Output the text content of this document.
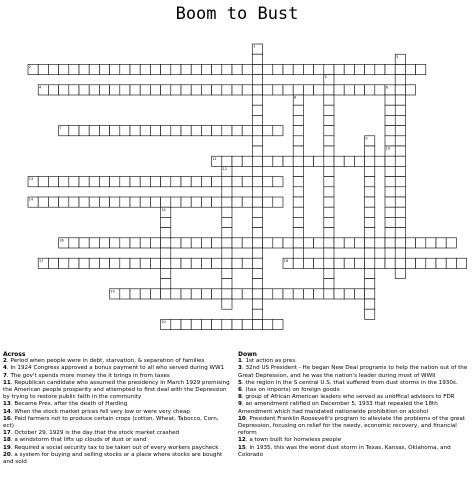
Boom to Bust
2
4
7
11
13
14
16
17	18
19
20
1
3
5
6
8
9
10
12
15
Across
2. Period when people were in debt, starvation, & separation of families
4. In 1924 Congress approved a bonus payment to all who served during WW1
7. The gov't spends more money the it brings in from taxes
11. Republican candidate who assumed the presidency in March 1929 promising the American people prosperity and attempted to first deal with the Depression by trying to restore public faith in the community
13. Became Pres. after the death of Harding
14. When the stock market prices fell very low or were very cheap
16. Paid farmers not to produce certain crops (cotton, Wheat, Tabocco, Corn, ect)
17. October 29, 1929 is the day that the stock market crashed
18. a windstorm that lifts up clouds of dust or sand
19. Required a social security tax to be taken out of every workers paycheck
20. a system for buying and selling stocks or a place where stocks are bought and sold
Down
1. 1st action as pres.
3. 32nd US President - He began New Deal programs to help the nation out of the Great Depression, and he was the nation's leader during most of WWII
5. the region in the S central U.S. that suffered from dust storms in the 1930s.
6. (tax on imports) on foreign goods
8. group of African American leaders who served as unoffical advisors to FDR
9. an amendment ratified on December 5, 1933 that repealed the 18th Amendment which had mandated nationwide prohibition on alcohol
10. President Franklin Roosevelt's program to alleviate the problems of the great Depression, focusing on relief for the needy, economic recovery, and financial reform
12. a town built for homeless people
15. In 1935, this was the worst dust storm in Texas, Kansas, Oklahoma, and Colorado
